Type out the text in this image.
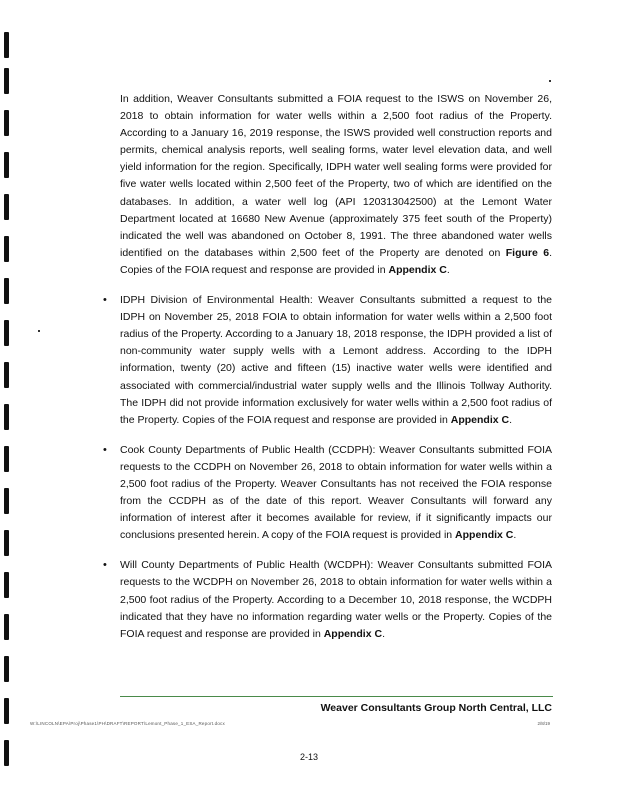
In addition, Weaver Consultants submitted a FOIA request to the ISWS on November 26, 2018 to obtain information for water wells within a 2,500 foot radius of the Property. According to a January 16, 2019 response, the ISWS provided well construction reports and permits, chemical analysis reports, well sealing forms, water level elevation data, and well yield information for the region. Specifically, IDPH water well sealing forms were provided for five water wells located within 2,500 feet of the Property, two of which are identified on the databases. In addition, a water well log (API 120313042500) at the Lemont Water Department located at 16680 New Avenue (approximately 375 feet south of the Property) indicated the well was abandoned on October 8, 1991. The three abandoned water wells identified on the databases within 2,500 feet of the Property are denoted on Figure 6. Copies of the FOIA request and response are provided in Appendix C.

• IDPH Division of Environmental Health: Weaver Consultants submitted a request to the IDPH on November 25, 2018 FOIA to obtain information for water wells within a 2,500 foot radius of the Property. According to a January 18, 2018 response, the IDPH provided a list of non-community water supply wells with a Lemont address. According to the IDPH information, twenty (20) active and fifteen (15) inactive water wells were identified and associated with commercial/industrial water supply wells and the Illinois Tollway Authority. The IDPH did not provide information exclusively for water wells within a 2,500 foot radius of the Property. Copies of the FOIA request and response are provided in Appendix C.
• Cook County Departments of Public Health (CCDPH): Weaver Consultants submitted FOIA requests to the CCDPH on November 26, 2018 to obtain information for water wells within a 2,500 foot radius of the Property. Weaver Consultants has not received the FOIA response from the CCDPH as of the date of this report. Weaver Consultants will forward any information of interest after it becomes available for review, if it significantly impacts our conclusions presented herein. A copy of the FOIA request is provided in Appendix C.
• Will County Departments of Public Health (WCDPH): Weaver Consultants submitted FOIA requests to the WCDPH on November 26, 2018 to obtain information for water wells within a 2,500 foot radius of the Property. According to a December 10, 2018 response, the WCDPH indicated that they have no information regarding water wells or the Property. Copies of the FOIA request and response are provided in Appendix C.
Weaver Consultants Group North Central, LLC
W:\LINCOLN\EPA\Proj\Phase1\PH\DRAFT\REPORT\Lemont_Phase_1_ESA_Report.docx	2/8/19
2-13
